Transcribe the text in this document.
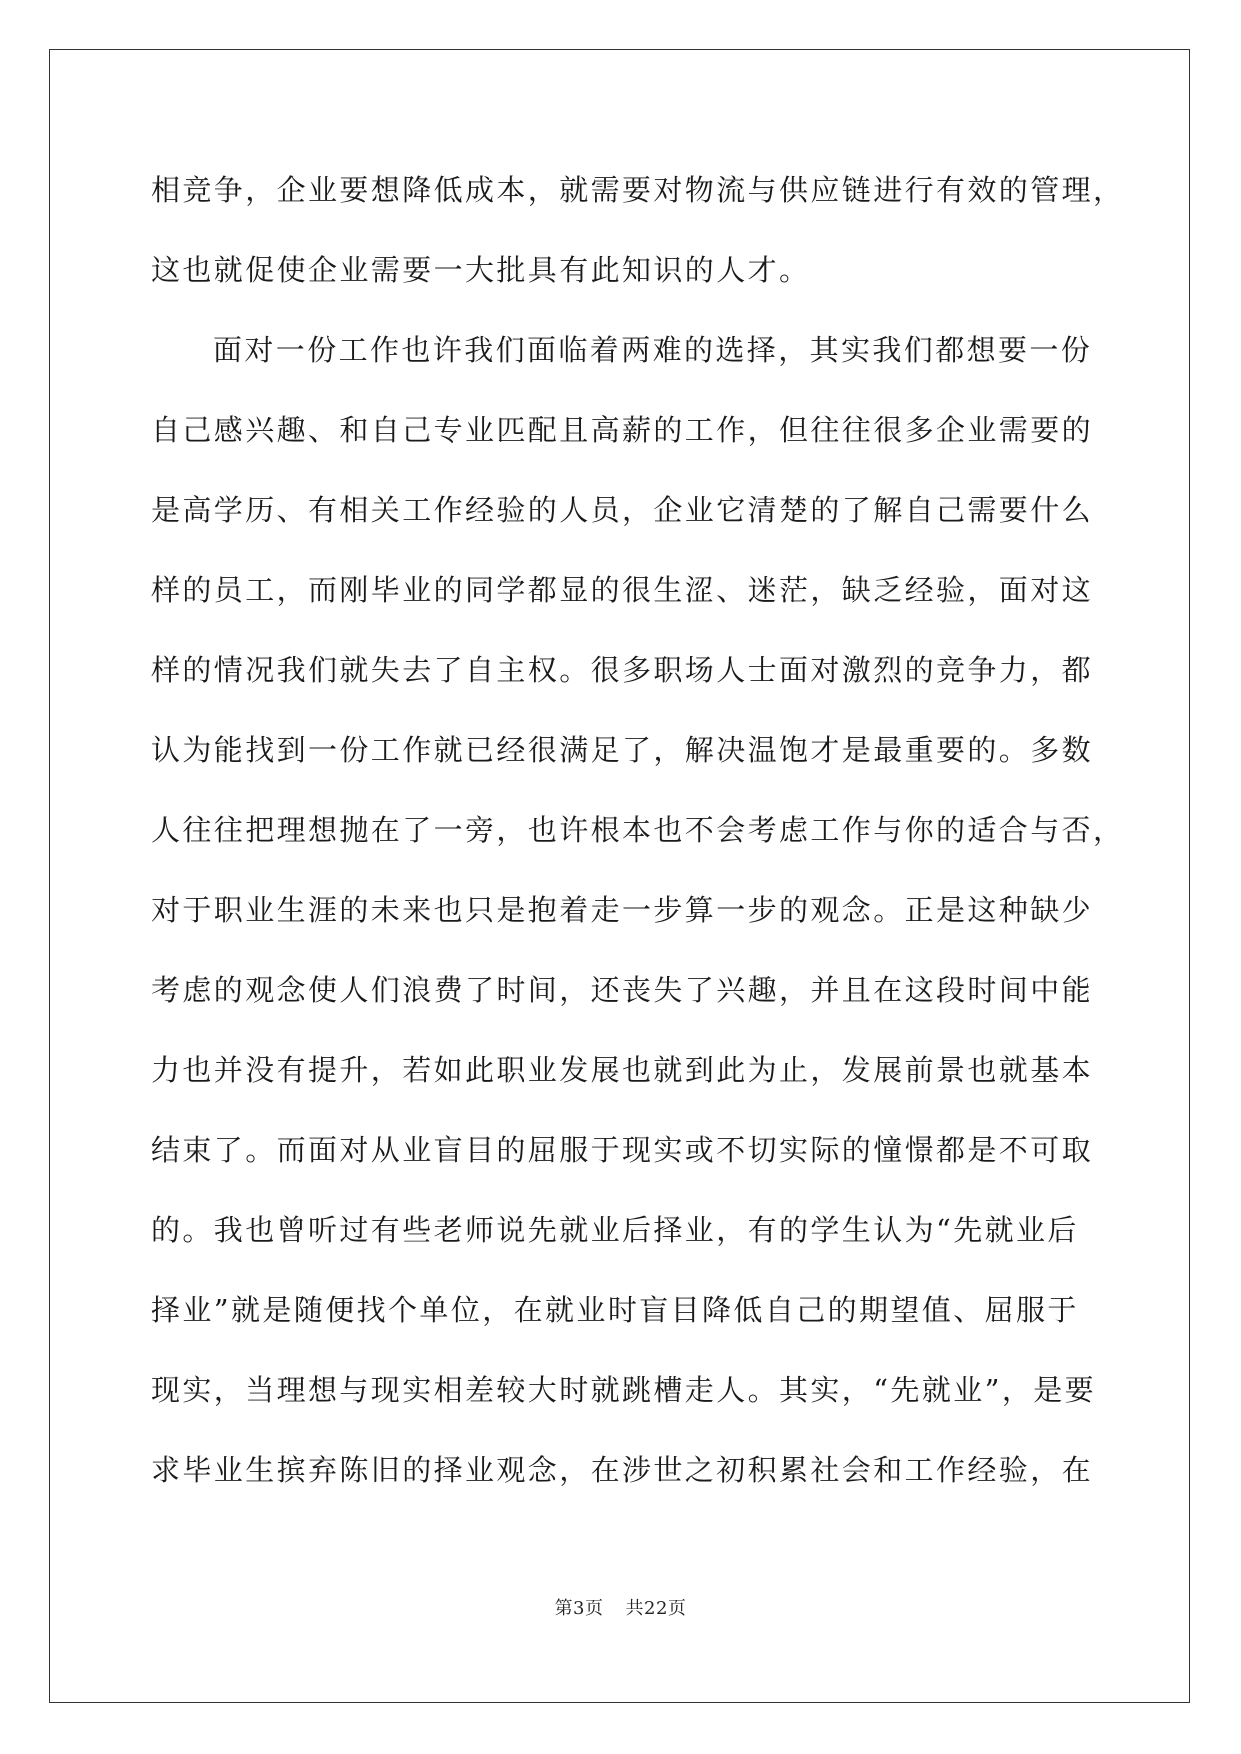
相竞争，企业要想降低成本，就需要对物流与供应链进行有效的管理，
这也就促使企业需要一大批具有此知识的人才。
面对一份工作也许我们面临着两难的选择，其实我们都想要一份
自己感兴趣、和自己专业匹配且高薪的工作，但往往很多企业需要的
是高学历、有相关工作经验的人员，企业它清楚的了解自己需要什么
样的员工，而刚毕业的同学都显的很生涩、迷茫，缺乏经验，面对这
样的情况我们就失去了自主权。很多职场人士面对激烈的竞争力，都
认为能找到一份工作就已经很满足了，解决温饱才是最重要的。多数
人往往把理想抛在了一旁，也许根本也不会考虑工作与你的适合与否，
对于职业生涯的未来也只是抱着走一步算一步的观念。正是这种缺少
考虑的观念使人们浪费了时间，还丧失了兴趣，并且在这段时间中能
力也并没有提升，若如此职业发展也就到此为止，发展前景也就基本
结束了。而面对从业盲目的屈服于现实或不切实际的憧憬都是不可取
的。我也曾听过有些老师说先就业后择业，有的学生认为“先就业后
择业”就是随便找个单位，在就业时盲目降低自己的期望值、屈服于
现实，当理想与现实相差较大时就跳槽走人。其实，“先就业”，是要
求毕业生摈弃陈旧的择业观念，在涉世之初积累社会和工作经验，在
第3页 共22页
